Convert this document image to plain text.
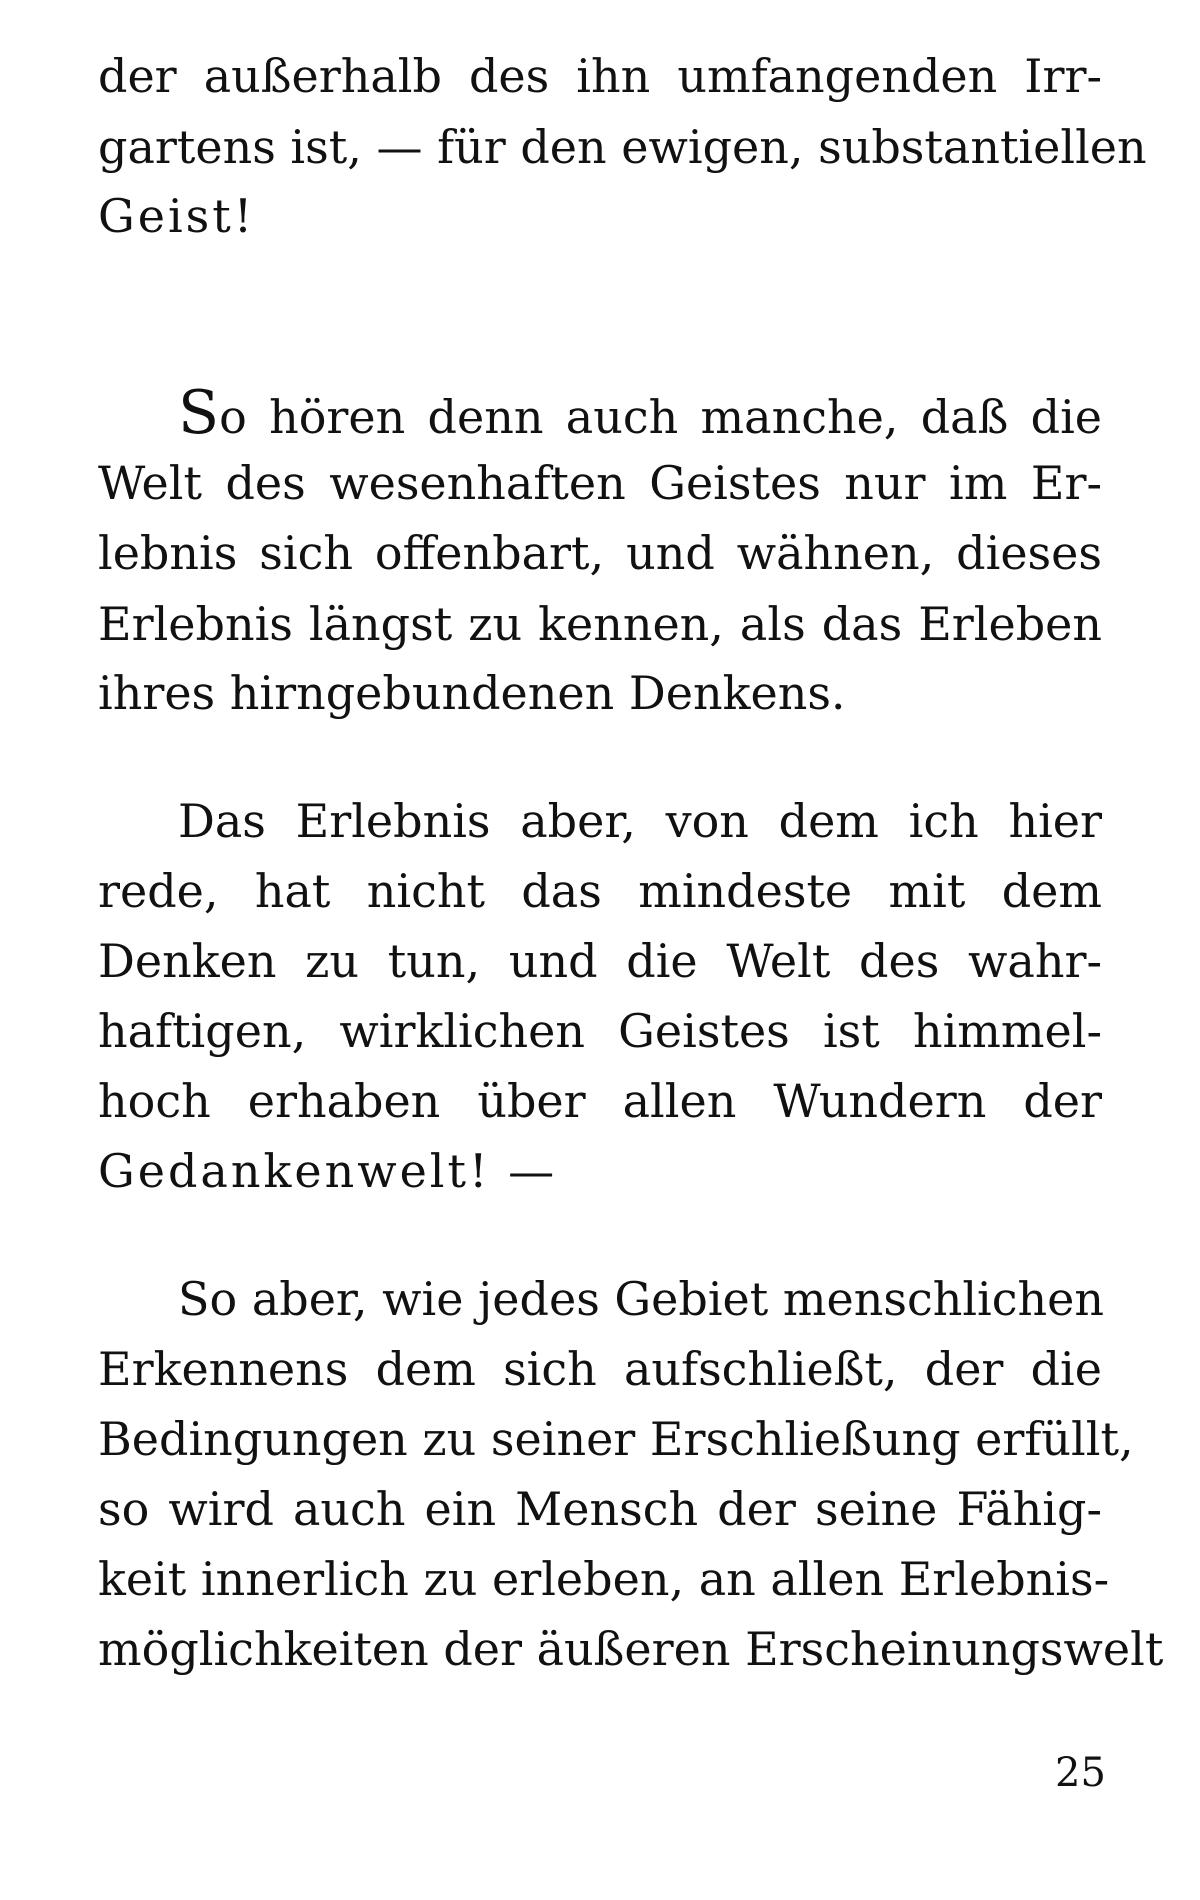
der außerhalb des ihn umfangenden Irr-
gartens ist, — für den ewigen, substantiellen
Geist!
So hören denn auch manche, daß die
Welt des wesenhaften Geistes nur im Er-
lebnis sich offenbart, und wähnen, dieses
Erlebnis längst zu kennen, als das Erleben
ihres hirngebundenen Denkens.
Das Erlebnis aber, von dem ich hier
rede, hat nicht das mindeste mit dem
Denken zu tun, und die Welt des wahr-
haftigen, wirklichen Geistes ist himmel-
hoch erhaben über allen Wundern der
Gedankenwelt! —
So aber, wie jedes Gebiet menschlichen
Erkennens dem sich aufschließt, der die
Bedingungen zu seiner Erschließung erfüllt,
so wird auch ein Mensch der seine Fähig-
keit innerlich zu erleben, an allen Erlebnis-
möglichkeiten der äußeren Erscheinungswelt
25
